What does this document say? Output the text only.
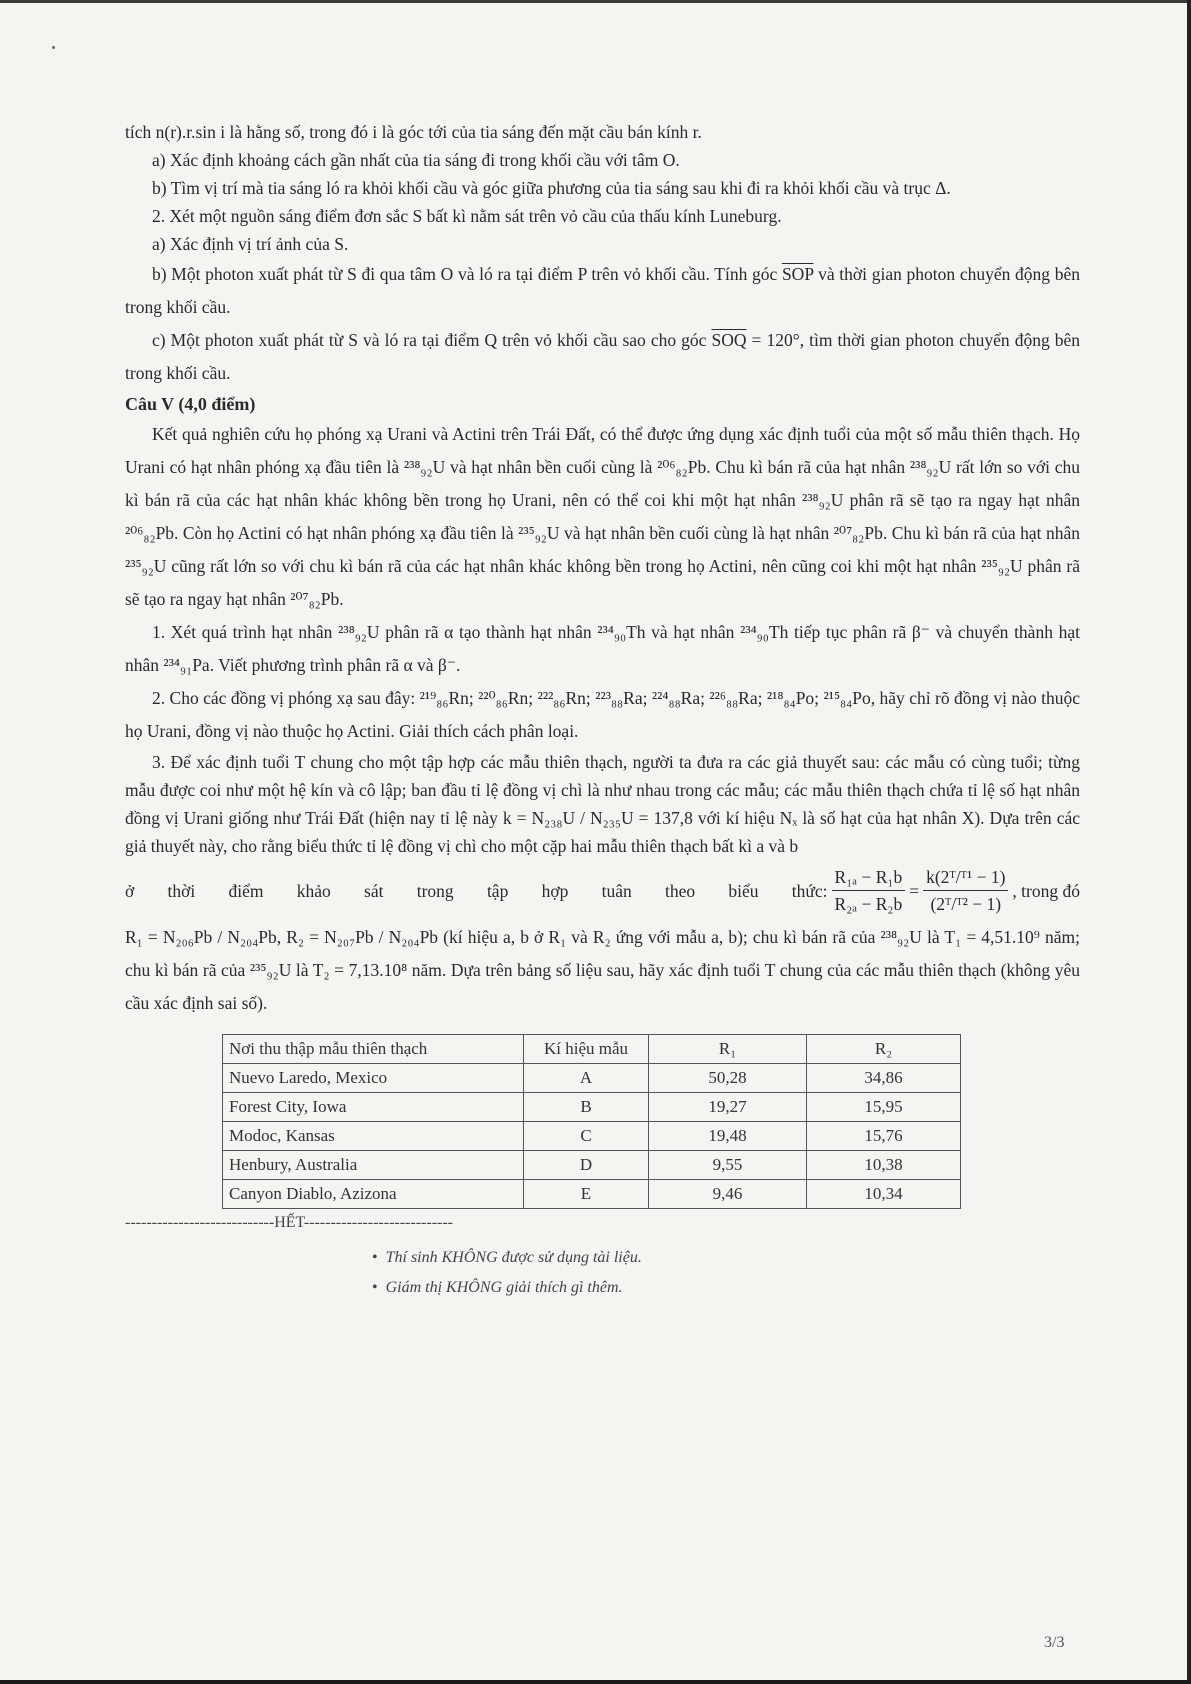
tích n(r).r.sin i là hằng số, trong đó i là góc tới của tia sáng đến mặt cầu bán kính r.

a) Xác định khoảng cách gần nhất của tia sáng đi trong khối cầu với tâm O.

b) Tìm vị trí mà tia sáng ló ra khỏi khối cầu và góc giữa phương của tia sáng sau khi đi ra khỏi khối cầu và trục Δ.

2. Xét một nguồn sáng điểm đơn sắc S bất kì nằm sát trên vỏ cầu của thấu kính Luneburg.

a) Xác định vị trí ảnh của S.

b) Một photon xuất phát từ S đi qua tâm O và ló ra tại điểm P trên vỏ khối cầu. Tính góc $\overline{SOP}$ và thời gian photon chuyển động bên trong khối cầu.

c) Một photon xuất phát từ S và ló ra tại điểm Q trên vỏ khối cầu sao cho góc $\overline{SOQ} = 120^\circ$, tìm thời gian photon chuyển động bên trong khối cầu.

Câu V (4,0 điểm)

Kết quả nghiên cứu họ phóng xạ Urani và Actini trên Trái Đất, có thể được ứng dụng xác định tuổi của một số mẫu thiên thạch. Họ Urani có hạt nhân phóng xạ đầu tiên là ²³⁸₉₂U và hạt nhân bền cuối cùng là ²⁰⁶₈₂Pb. Chu kì bán rã của hạt nhân ²³⁸₉₂U rất lớn so với chu kì bán rã của các hạt nhân khác không bền trong họ Urani, nên có thể coi khi một hạt nhân ²³⁸₉₂U phân rã sẽ tạo ra ngay hạt nhân ²⁰⁶₈₂Pb. Còn họ Actini có hạt nhân phóng xạ đầu tiên là ²³⁵₉₂U và hạt nhân bền cuối cùng là hạt nhân ²⁰⁷₈₂Pb. Chu kì bán rã của hạt nhân ²³⁵₉₂U cũng rất lớn so với chu kì bán rã của các hạt nhân khác không bền trong họ Actini, nên cũng coi khi một hạt nhân ²³⁵₉₂U phân rã sẽ tạo ra ngay hạt nhân ²⁰⁷₈₂Pb.

1. Xét quá trình hạt nhân ²³⁸₉₂U phân rã α tạo thành hạt nhân ²³⁴₉₀Th và hạt nhân ²³⁴₉₀Th tiếp tục phân rã β⁻ và chuyển thành hạt nhân ²³⁴₉₁Pa. Viết phương trình phân rã α và β⁻.

2. Cho các đồng vị phóng xạ sau đây: ²¹⁹₈₆Rn; ²²⁰₈₆Rn; ²²²₈₆Rn; ²²³₈₈Ra; ²²⁴₈₈Ra; ²²⁶₈₈Ra; ²¹⁸₈₄Po; ²¹⁵₈₄Po, hãy chỉ rõ đồng vị nào thuộc họ Urani, đồng vị nào thuộc họ Actini. Giải thích cách phân loại.

3. Để xác định tuổi T chung cho một tập hợp các mẫu thiên thạch, người ta đưa ra các giả thuyết sau: các mẫu có cùng tuổi; từng mẫu được coi như một hệ kín và cô lập; ban đầu tỉ lệ đồng vị chì là như nhau trong các mẫu; các mẫu thiên thạch chứa tỉ lệ số hạt nhân đồng vị Urani giống như Trái Đất (hiện nay tỉ lệ này k = N₂₃₈U / N₂₃₅U = 137,8 với kí hiệu Nₓ là số hạt của hạt nhân X). Dựa trên các giả thuyết này, cho rằng biểu thức tỉ lệ đồng vị chì cho một cặp hai mẫu thiên thạch bất kì a và b

ở thời điểm khảo sát trong tập hợp tuân theo biểu thức: $\frac{\text{R₁ₐ − R₁b}}{\text{R₂ₐ − R₂b}} = \frac{\text{k(2ᵀ/ᵀ¹ − 1)}}{\text{(2ᵀ/ᵀ² − 1)}}$ , trong đó

R₁ = N₂₀₆Pb / N₂₀₄Pb, R₂ = N₂₀₇Pb / N₂₀₄Pb (kí hiệu a, b ở R₁ và R₂ ứng với mẫu a, b); chu kì bán rã của ²³⁸₉₂U là T₁ = 4,51.10⁹ năm; chu kì bán rã của ²³⁵₉₂U là T₂ = 7,13.10⁸ năm. Dựa trên bảng số liệu sau, hãy xác định tuổi T chung của các mẫu thiên thạch (không yêu cầu xác định sai số).

Nơi thu thập mẫu thiên thạch	Kí hiệu mẫu	R₁	R₂
Nuevo Laredo, Mexico	A	50,28	34,86
Forest City, Iowa	B	19,27	15,95
Modoc, Kansas	C	19,48	15,76
Henbury, Australia	D	9,55	10,38
Canyon Diablo, Azizona	E	9,46	10,34

----------------------------HẾT----------------------------

• Thí sinh KHÔNG được sử dụng tài liệu.
• Giám thị KHÔNG giải thích gì thêm.
3/3
